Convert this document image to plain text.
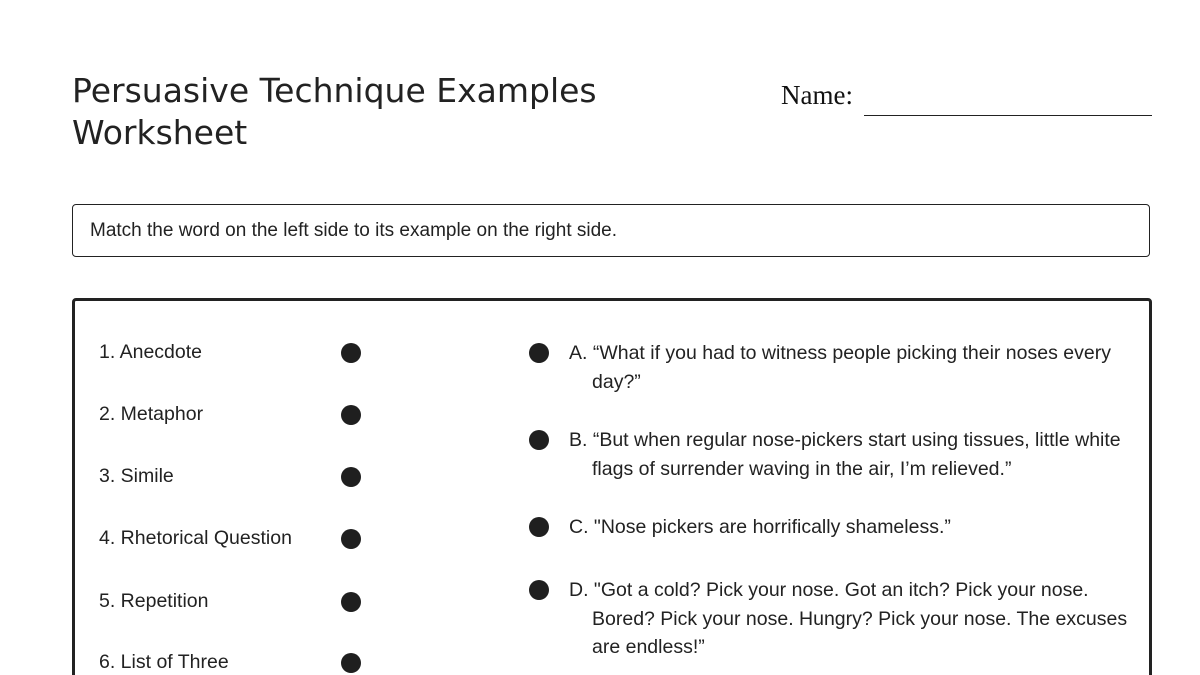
Persuasive Technique Examples Worksheet
Name:
Match the word on the left side to its example on the right side.
1. Anecdote
2. Metaphor
3. Simile
4. Rhetorical Question
5. Repetition
6. List of Three
A. “What if you had to witness people picking their noses every day?”
B. “But when regular nose-pickers start using tissues, little white flags of surrender waving in the air, I’m relieved.”
C. "Nose pickers are horrifically shameless.”
D. "Got a cold? Pick your nose. Got an itch? Pick your nose. Bored? Pick your nose. Hungry? Pick your nose. The excuses are endless!”
